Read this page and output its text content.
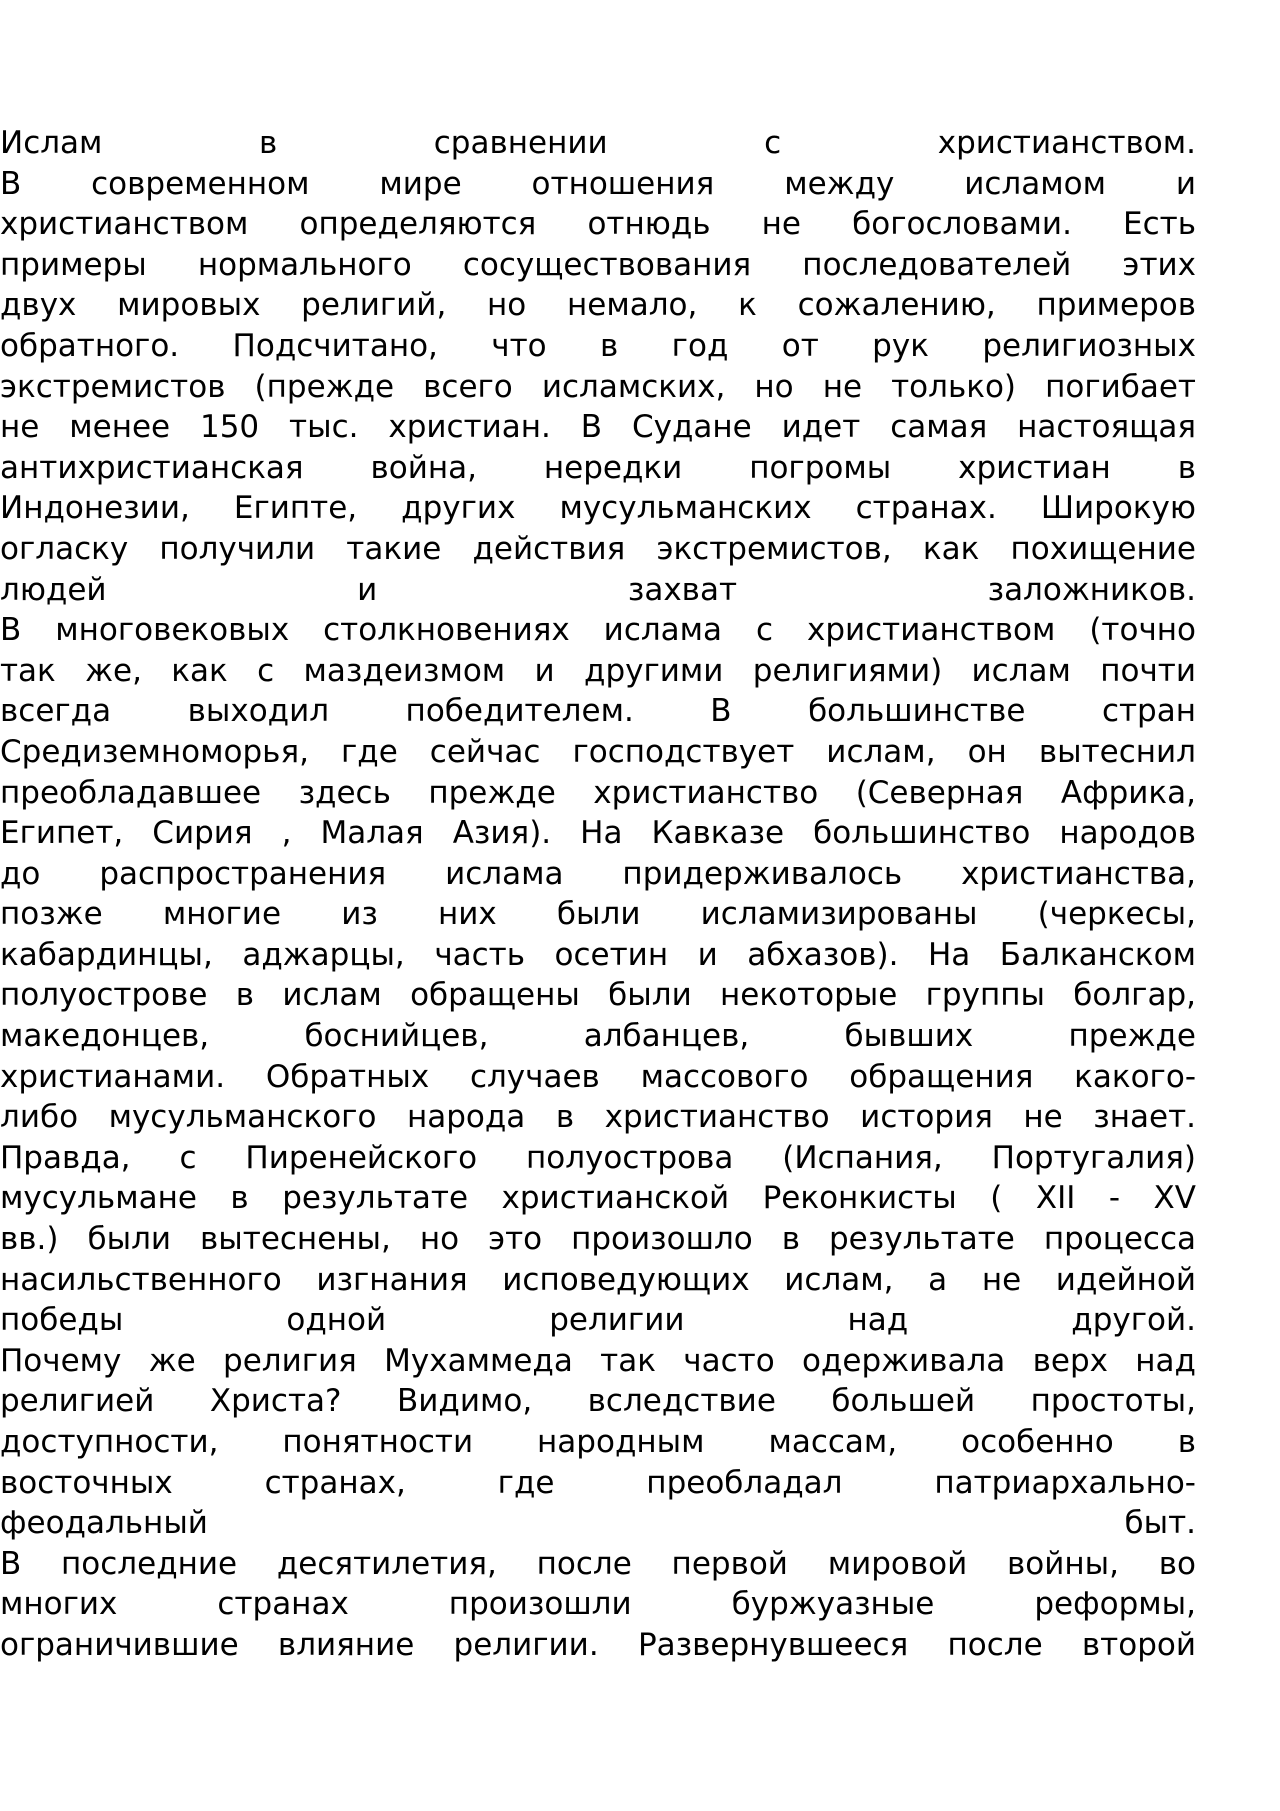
Ислам в сравнении с христианством.
В современном мире отношения между исламом и
христианством определяются отнюдь не богословами. Есть
примеры нормального сосуществования последователей этих
двух мировых религий, но немало, к сожалению, примеров
обратного. Подсчитано, что в год от рук религиозных
экстремистов (прежде всего исламских, но не только) погибает
не менее 150 тыс. христиан. В Судане идет самая настоящая
антихристианская война, нередки погромы христиан в
Индонезии, Египте, других мусульманских странах. Широкую
огласку получили такие действия экстремистов, как похищение
людей и захват заложников.
В многовековых столкновениях ислама с христианством (точно
так же, как с маздеизмом и другими религиями) ислам почти
всегда выходил победителем. В большинстве стран
Средиземноморья, где сейчас господствует ислам, он вытеснил
преобладавшее здесь прежде христианство (Северная Африка,
Египет, Сирия , Малая Азия). На Кавказе большинство народов
до распространения ислама придерживалось христианства,
позже многие из них были исламизированы (черкесы,
кабардинцы, аджарцы, часть осетин и абхазов). На Балканском
полуострове в ислам обращены были некоторые группы болгар,
македонцев, боснийцев, албанцев, бывших прежде
христианами. Обратных случаев массового обращения какого-
либо мусульманского народа в христианство история не знает.
Правда, с Пиренейского полуострова (Испания, Португалия)
мусульмане в результате христианской Реконкисты ( XII - XV
вв.) были вытеснены, но это произошло в результате процесса
насильственного изгнания исповедующих ислам, а не идейной
победы одной религии над другой.
Почему же религия Мухаммеда так часто одерживала верх над
религией Христа? Видимо, вследствие большей простоты,
доступности, понятности народным массам, особенно в
восточных странах, где преобладал патриархально-
феодальный быт.
В последние десятилетия, после первой мировой войны, во
многих странах произошли буржуазные реформы,
ограничившие влияние религии. Развернувшееся после второй
